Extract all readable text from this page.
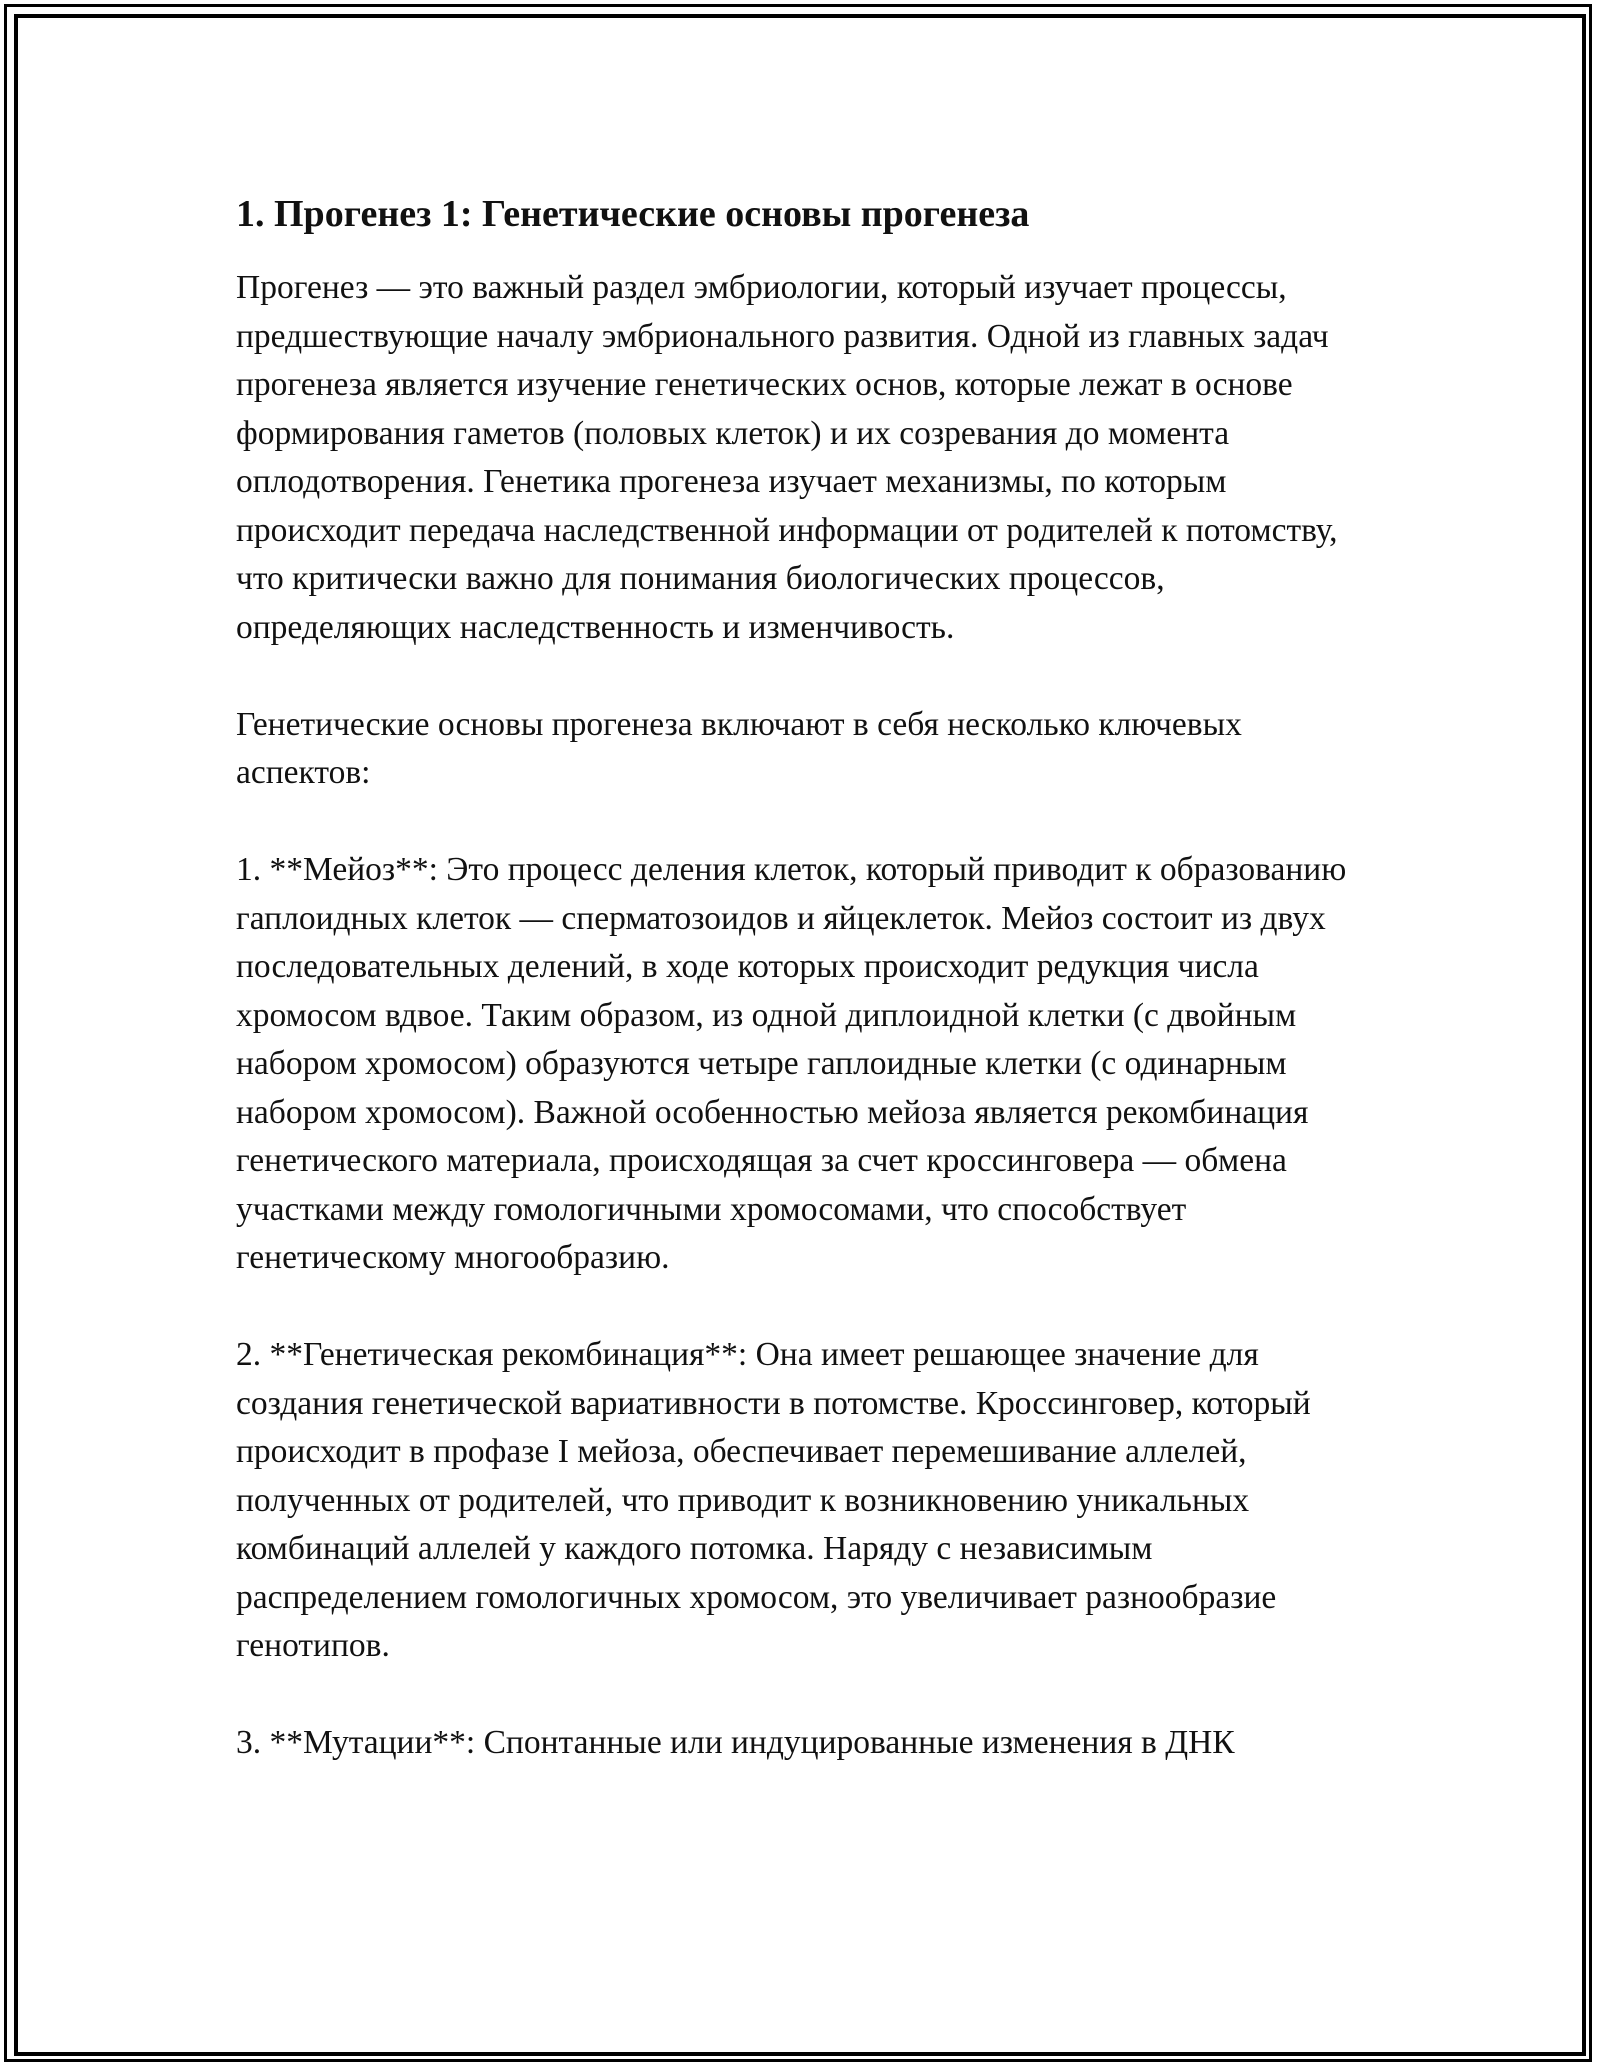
1. Прогенез 1: Генетические основы прогенеза

Прогенез — это важный раздел эмбриологии, который изучает процессы, предшествующие началу эмбрионального развития. Одной из главных задач прогенеза является изучение генетических основ, которые лежат в основе формирования гаметов (половых клеток) и их созревания до момента оплодотворения. Генетика прогенеза изучает механизмы, по которым происходит передача наследственной информации от родителей к потомству, что критически важно для понимания биологических процессов, определяющих наследственность и изменчивость.

Генетические основы прогенеза включают в себя несколько ключевых аспектов:

1. **Мейоз**: Это процесс деления клеток, который приводит к образованию гаплоидных клеток — сперматозоидов и яйцеклеток. Мейоз состоит из двух последовательных делений, в ходе которых происходит редукция числа хромосом вдвое. Таким образом, из одной диплоидной клетки (с двойным набором хромосом) образуются четыре гаплоидные клетки (с одинарным набором хромосом). Важной особенностью мейоза является рекомбинация генетического материала, происходящая за счет кроссинговера — обмена участками между гомологичными хромосомами, что способствует генетическому многообразию.

2. **Генетическая рекомбинация**: Она имеет решающее значение для создания генетической вариативности в потомстве. Кроссинговер, который происходит в профазе I мейоза, обеспечивает перемешивание аллелей, полученных от родителей, что приводит к возникновению уникальных комбинаций аллелей у каждого потомка. Наряду с независимым распределением гомологичных хромосом, это увеличивает разнообразие генотипов.

3. **Мутации**: Спонтанные или индуцированные изменения в ДНК
